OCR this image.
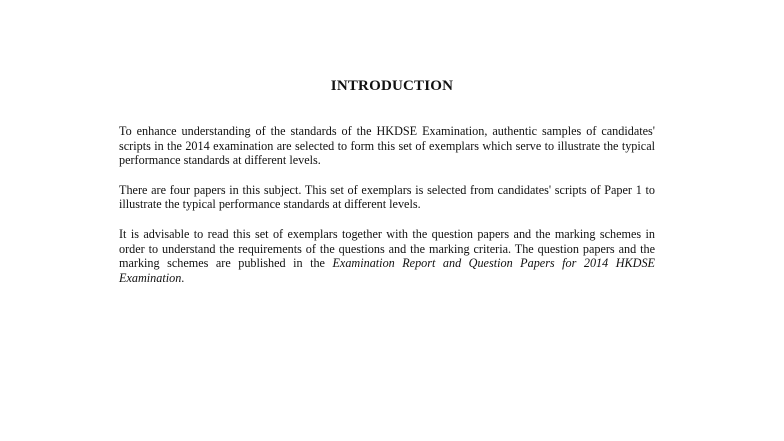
INTRODUCTION

To enhance understanding of the standards of the HKDSE Examination, authentic samples of candidates' scripts in the 2014 examination are selected to form this set of exemplars which serve to illustrate the typical performance standards at different levels.

There are four papers in this subject. This set of exemplars is selected from candidates' scripts of Paper 1 to illustrate the typical performance standards at different levels.

It is advisable to read this set of exemplars together with the question papers and the marking schemes in order to understand the requirements of the questions and the marking criteria. The question papers and the marking schemes are published in the Examination Report and Question Papers for 2014 HKDSE Examination.
